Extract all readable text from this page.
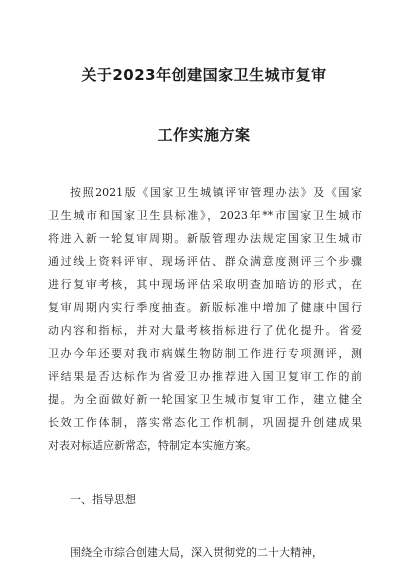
关于2023年创建国家卫生城市复审
工作实施方案
按照2021版《国家卫生城镇评审管理办法》及《国家
卫生城市和国家卫生县标准》，2023年**市国家卫生城市
将进入新一轮复审周期。新版管理办法规定国家卫生城市
通过线上资料评审、现场评估、群众满意度测评三个步骤
进行复审考核，其中现场评估采取明查加暗访的形式，在
复审周期内实行季度抽查。新版标准中增加了健康中国行
动内容和指标，并对大量考核指标进行了优化提升。省爱
卫办今年还要对我市病媒生物防制工作进行专项测评，测
评结果是否达标作为省爱卫办推荐进入国卫复审工作的前
提。为全面做好新一轮国家卫生城市复审工作，建立健全
长效工作体制，落实常态化工作机制，巩固提升创建成果
对表对标适应新常态，特制定本实施方案。
一、指导思想
围绕全市综合创建大局，深入贯彻党的二十大精神，
